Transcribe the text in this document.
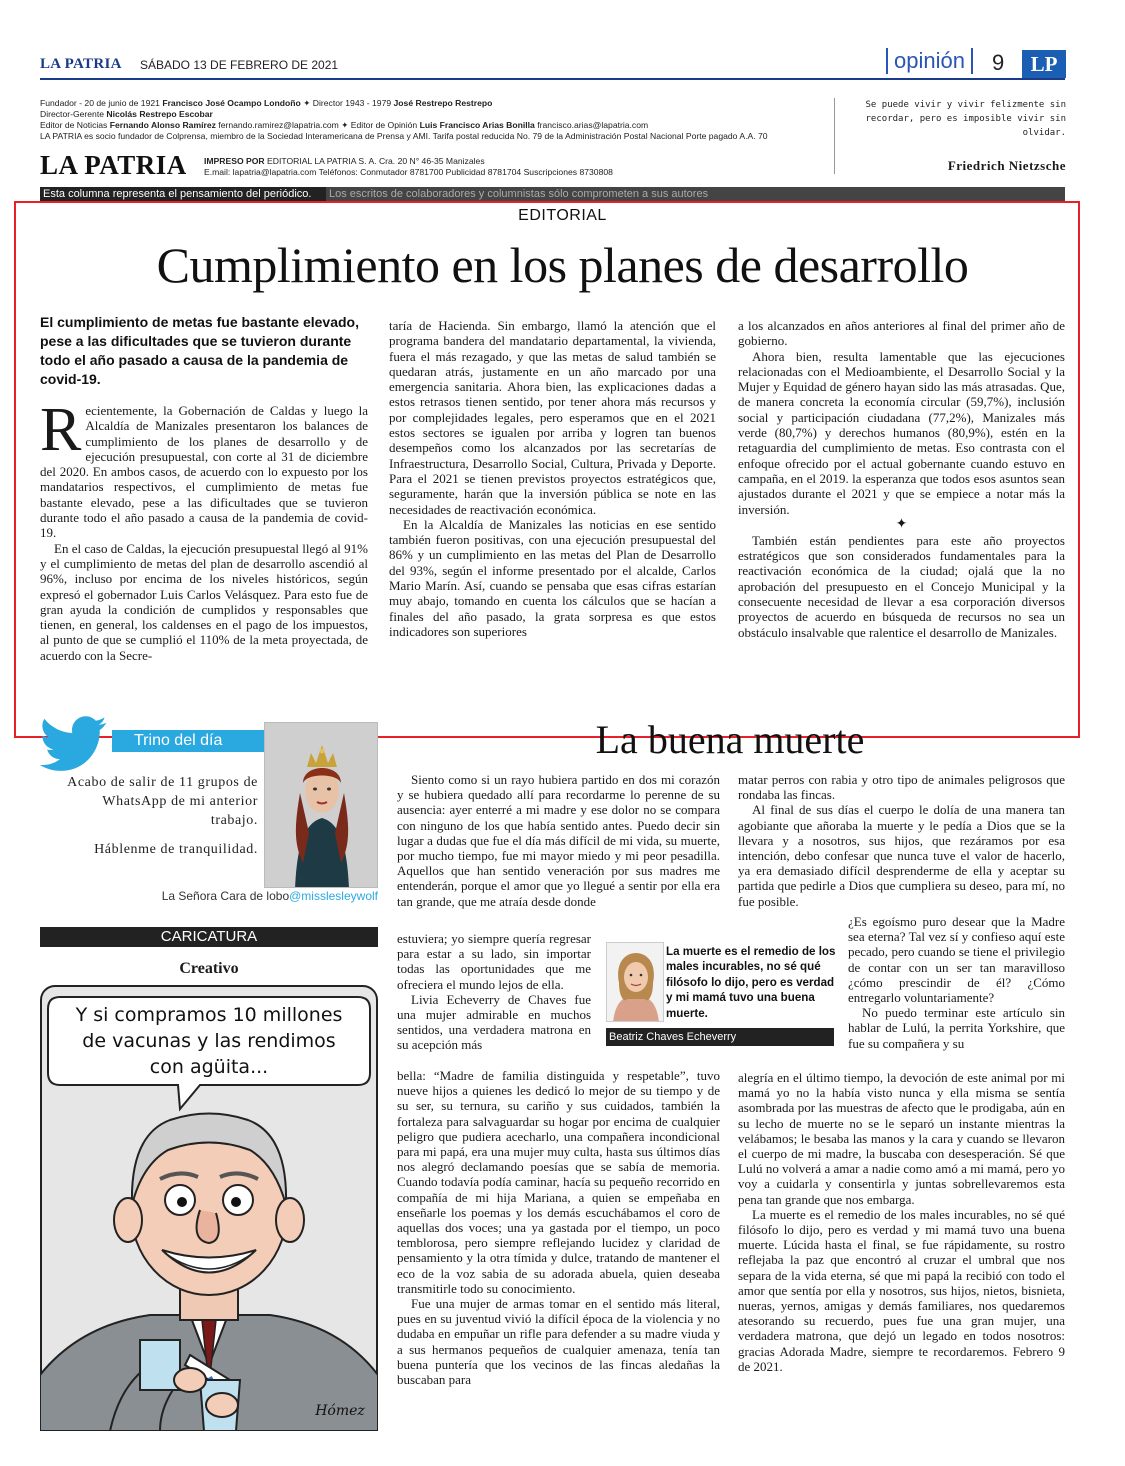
LA PATRIA SÁBADO 13 DE FEBRERO DE 2021	opinión	9	LP
Fundador - 20 de junio de 1921 Francisco José Ocampo Londoño ✦ Director 1943 - 1979 José Restrepo Restrepo
Director-Gerente Nicolás Restrepo Escobar
Editor de Noticias Fernando Alonso Ramírez fernando.ramirez@lapatria.com ✦ Editor de Opinión Luis Francisco Arias Bonilla francisco.arias@lapatria.com
LA PATRIA es socio fundador de Colprensa, miembro de la Sociedad Interamericana de Prensa y AMI. Tarifa postal reducida No. 79 de la Administración Postal Nacional Porte pagado A.A. 70
LA PATRIA IMPRESO POR EDITORIAL LA PATRIA S. A. Cra. 20 N° 46-35 Manizales
E.mail: lapatria@lapatria.com Teléfonos: Conmutador 8781700 Publicidad 8781704 Suscripciones 8730808
Se puede vivir y vivir felizmente sin recordar, pero es imposible vivir sin olvidar.
Friedrich Nietzsche
Esta columna representa el pensamiento del periódico.	Los escritos de colaboradores y columnistas sólo comprometen a sus autores
EDITORIAL
Cumplimiento en los planes de desarrollo
El cumplimiento de metas fue bastante elevado, pese a las dificultades que se tuvieron durante todo el año pasado a causa de la pandemia de covid-19.

Recientemente, la Gobernación de Caldas y luego la Alcaldía de Manizales presentaron los balances de cumplimiento de los planes de desarrollo y de ejecución presupuestal, con corte al 31 de diciembre del 2020. En ambos casos, de acuerdo con lo expuesto por los mandatarios respectivos, el cumplimiento de metas fue bastante elevado, pese a las dificultades que se tuvieron durante todo el año pasado a causa de la pandemia de covid-19.

En el caso de Caldas, la ejecución presupuestal llegó al 91% y el cumplimiento de metas del plan de desarrollo ascendió al 96%, incluso por encima de los niveles históricos, según expresó el gobernador Luis Carlos Velásquez. Para esto fue de gran ayuda la condición de cumplidos y responsables que tienen, en general, los caldenses en el pago de los impuestos, al punto de que se cumplió el 110% de la meta proyectada, de acuerdo con la Secre-

taría de Hacienda. Sin embargo, llamó la atención que el programa bandera del mandatario departamental, la vivienda, fuera el más rezagado, y que las metas de salud también se quedaran atrás, justamente en un año marcado por una emergencia sanitaria. Ahora bien, las explicaciones dadas a estos retrasos tienen sentido, por tener ahora más recursos y por complejidades legales, pero esperamos que en el 2021 estos sectores se igualen por arriba y logren tan buenos desempeños como los alcanzados por las secretarías de Infraestructura, Desarrollo Social, Cultura, Privada y Deporte. Para el 2021 se tienen previstos proyectos estratégicos que, seguramente, harán que la inversión pública se note en las necesidades de reactivación económica.

En la Alcaldía de Manizales las noticias en ese sentido también fueron positivas, con una ejecución presupuestal del 86% y un cumplimiento en las metas del Plan de Desarrollo del 93%, según el informe presentado por el alcalde, Carlos Mario Marín. Así, cuando se pensaba que esas cifras estarían muy abajo, tomando en cuenta los cálculos que se hacían a finales del año pasado, la grata sorpresa es que estos indicadores son superiores

a los alcanzados en años anteriores al final del primer año de gobierno.

Ahora bien, resulta lamentable que las ejecuciones relacionadas con el Medioambiente, el Desarrollo Social y la Mujer y Equidad de género hayan sido las más atrasadas. Que, de manera concreta la economía circular (59,7%), inclusión social y participación ciudadana (77,2%), Manizales más verde (80,7%) y derechos humanos (80,9%), estén en la retaguardia del cumplimiento de metas. Eso contrasta con el enfoque ofrecido por el actual gobernante cuando estuvo en campaña, en el 2019. la esperanza que todos esos asuntos sean ajustados durante el 2021 y que se empiece a notar más la inversión.

✦

También están pendientes para este año proyectos estratégicos que son considerados fundamentales para la reactivación económica de la ciudad; ojalá que la no aprobación del presupuesto en el Concejo Municipal y la consecuente necesidad de llevar a esa corporación diversos proyectos de acuerdo en búsqueda de recursos no sea un obstáculo insalvable que ralentice el desarrollo de Manizales.

Trino del día

Acabo de salir de 11 grupos de WhatsApp de mi anterior trabajo.

Háblenme de tranquilidad.

La Señora Cara de lobo@misslesleywolf
CARICATURA
Creativo
Y si compramos 10 millones
de vacunas y las rendimos
con agüita...
Hómez
La buena muerte

Siento como si un rayo hubiera partido en dos mi corazón y se hubiera quedado allí para recordarme lo perenne de su ausencia: ayer enterré a mi madre y ese dolor no se compara con ninguno de los que había sentido antes. Puedo decir sin lugar a dudas que fue el día más difícil de mi vida, su muerte, por mucho tiempo, fue mi mayor miedo y mi peor pesadilla. Aquellos que han sentido veneración por sus madres me entenderán, porque el amor que yo llegué a sentir por ella era tan grande, que me atraía desde donde

estuviera; yo siempre quería regresar para estar a su lado, sin importar todas las oportunidades que me ofreciera el mundo lejos de ella.

Livia Echeverry de Chaves fue una mujer admirable en muchos sentidos, una verdadera matrona en su acepción más

bella: “Madre de familia distinguida y respetable”, tuvo nueve hijos a quienes les dedicó lo mejor de su tiempo y de su ser, su ternura, su cariño y sus cuidados, también la fortaleza para salvaguardar su hogar por encima de cualquier peligro que pudiera acecharlo, una compañera incondicional para mi papá, era una mujer muy culta, hasta sus últimos días nos alegró declamando poesías que se sabía de memoria. Cuando todavía podía caminar, hacía su pequeño recorrido en compañía de mi hija Mariana, a quien se empeñaba en enseñarle los poemas y los demás escuchábamos el coro de aquellas dos voces; una ya gastada por el tiempo, un poco temblorosa, pero siempre reflejando lucidez y claridad de pensamiento y la otra tímida y dulce, tratando de mantener el eco de la voz sabia de su adorada abuela, quien deseaba transmitirle todo su conocimiento.

Fue una mujer de armas tomar en el sentido más literal, pues en su juventud vivió la difícil época de la violencia y no dudaba en empuñar un rifle para defender a su madre viuda y a sus hermanos pequeños de cualquier amenaza, tenía tan buena puntería que los vecinos de las fincas aledañas la buscaban para

matar perros con rabia y otro tipo de animales peligrosos que rondaba las fincas.

Al final de sus días el cuerpo le dolía de una manera tan agobiante que añoraba la muerte y le pedía a Dios que se la llevara y a nosotros, sus hijos, que rezáramos por esa intención, debo confesar que nunca tuve el valor de hacerlo, ya era demasiado difícil desprenderme de ella y aceptar su partida que pedirle a Dios que cumpliera su deseo, para mí, no fue posible.

¿Es egoísmo puro desear que la Madre sea eterna? Tal vez sí y confieso aquí este pecado, pero cuando se tiene el privilegio de contar con un ser tan maravilloso ¿cómo prescindir de él? ¿Cómo entregarlo voluntariamente?

No puedo terminar este artículo sin hablar de Lulú, la perrita Yorkshire, que fue su compañera y su

alegría en el último tiempo, la devoción de este animal por mi mamá yo no la había visto nunca y ella misma se sentía asombrada por las muestras de afecto que le prodigaba, aún en su lecho de muerte no se le separó un instante mientras la velábamos; le besaba las manos y la cara y cuando se llevaron el cuerpo de mi madre, la buscaba con desesperación. Sé que Lulú no volverá a amar a nadie como amó a mi mamá, pero yo voy a cuidarla y consentirla y juntas sobrellevaremos esta pena tan grande que nos embarga.

La muerte es el remedio de los males incurables, no sé qué filósofo lo dijo, pero es verdad y mi mamá tuvo una buena muerte. Lúcida hasta el final, se fue rápidamente, su rostro reflejaba la paz que encontró al cruzar el umbral que nos separa de la vida eterna, sé que mi papá la recibió con todo el amor que sentía por ella y nosotros, sus hijos, nietos, bisnieta, nueras, yernos, amigas y demás familiares, nos quedaremos atesorando su recuerdo, pues fue una gran mujer, una verdadera matrona, que dejó un legado en todos nosotros: gracias Adorada Madre, siempre te recordaremos. Febrero 9 de 2021.

La muerte es el remedio de los males incurables, no sé qué filósofo lo dijo, pero es verdad y mi mamá tuvo una buena muerte.
Beatriz Chaves Echeverry
